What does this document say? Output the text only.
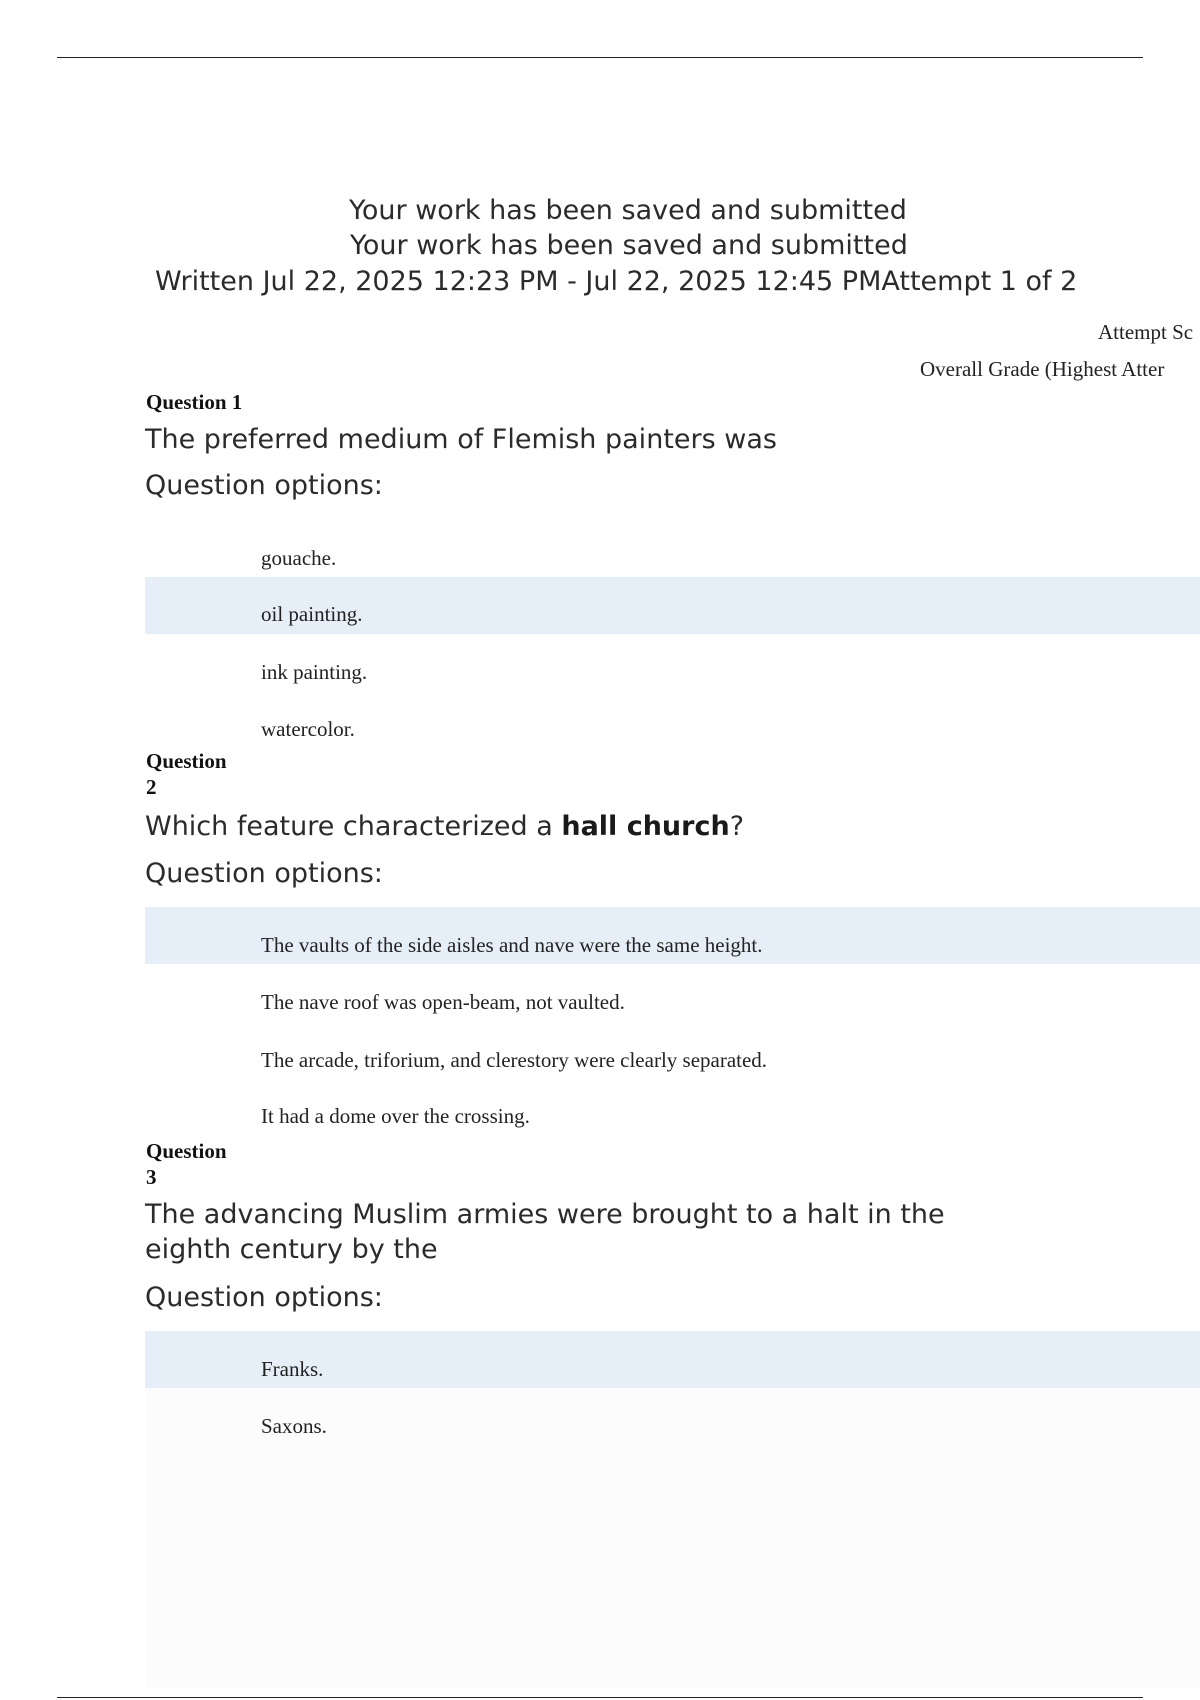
Your work has been saved and submitted
Your work has been saved and submitted
Written Jul 22, 2025 12:23 PM - Jul 22, 2025 12:45 PMAttempt 1 of 2
Attempt Sc
Overall Grade (Highest Atter
Question 1
The preferred medium of Flemish painters was
Question options:
gouache.
oil painting.
ink painting.
watercolor.
Question
2
Which feature characterized a hall church?
Question options:
The vaults of the side aisles and nave were the same height.
The nave roof was open-beam, not vaulted.
The arcade, triforium, and clerestory were clearly separated.
It had a dome over the crossing.
Question
3
The advancing Muslim armies were brought to a halt in the eighth century by the
Question options:
Franks.
Saxons.
